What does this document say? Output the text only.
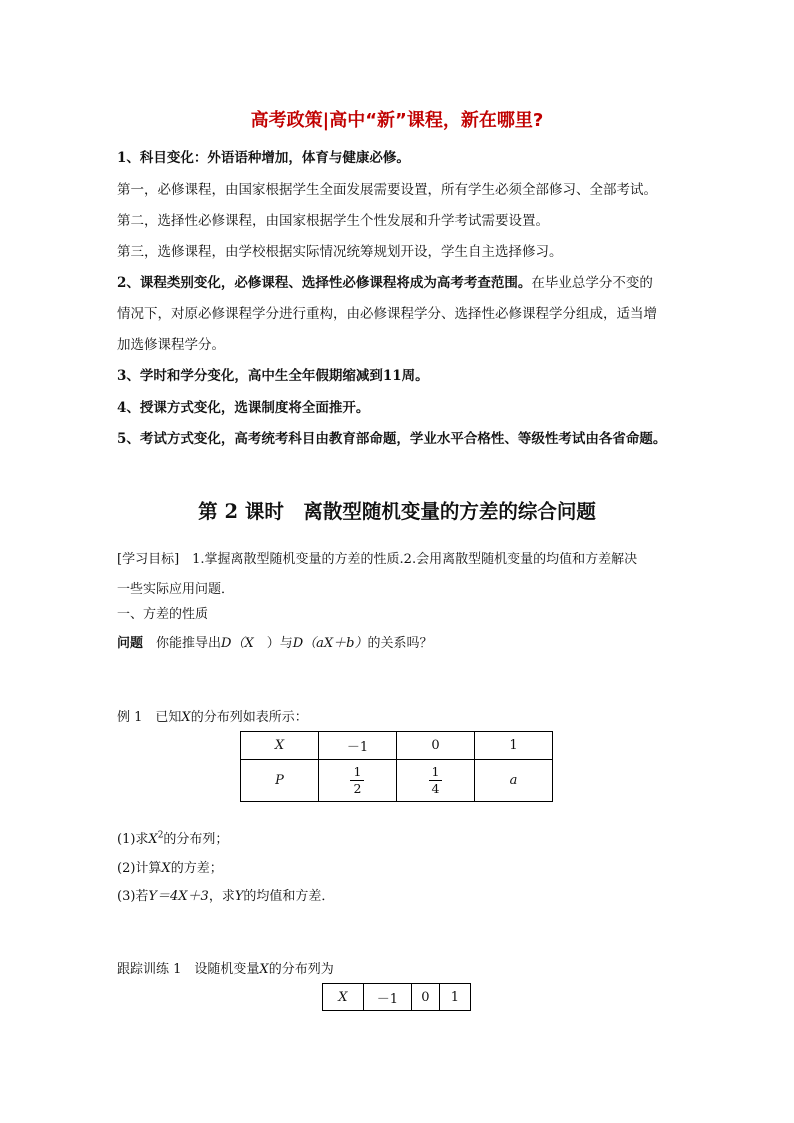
高考政策|高中“新”课程，新在哪里?
1、科目变化：外语语种增加，体育与健康必修。
第一，必修课程，由国家根据学生全面发展需要设置，所有学生必须全部修习、全部考试。
第二，选择性必修课程，由国家根据学生个性发展和升学考试需要设置。
第三，选修课程，由学校根据实际情况统筹规划开设，学生自主选择修习。
2、课程类别变化，必修课程、选择性必修课程将成为高考考查范围。在毕业总学分不变的
情况下，对原必修课程学分进行重构，由必修课程学分、选择性必修课程学分组成，适当增
加选修课程学分。
3、学时和学分变化，高中生全年假期缩减到11周。
4、授课方式变化，选课制度将全面推开。
5、考试方式变化，高考统考科目由教育部命题，学业水平合格性、等级性考试由各省命题。
第 2 课时　离散型随机变量的方差的综合问题
[学习目标]　1.掌握离散型随机变量的方差的性质.2.会用离散型随机变量的均值和方差解决
一些实际应用问题．
一、方差的性质
问题  你能推导出D（X  ）与D（aX＋b）的关系吗？
例 1  已知X的分布列如表所示：
X	－1	0	1
P	$\frac{1}{2}$	$\frac{1}{4}$	a
(1)求$X^2$的分布列；
(2)计算X的方差；
(3)若Y＝4X＋3，求Y的均值和方差．
跟踪训练 1  设随机变量X的分布列为
X	－1	0	1
